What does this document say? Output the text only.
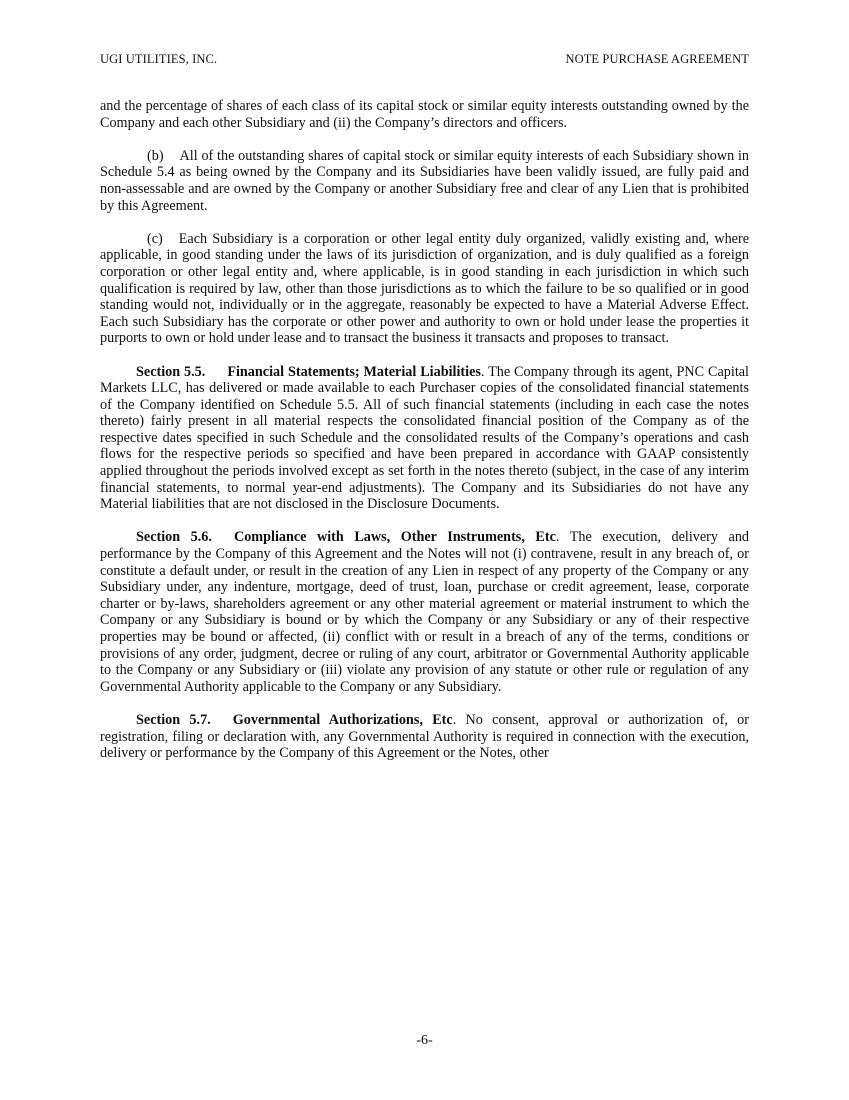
UGI UTILITIES, INC.	NOTE PURCHASE AGREEMENT

and the percentage of shares of each class of its capital stock or similar equity interests outstanding owned by the Company and each other Subsidiary and (ii) the Company’s directors and officers.

(b) All of the outstanding shares of capital stock or similar equity interests of each Subsidiary shown in Schedule 5.4 as being owned by the Company and its Subsidiaries have been validly issued, are fully paid and non-assessable and are owned by the Company or another Subsidiary free and clear of any Lien that is prohibited by this Agreement.

(c) Each Subsidiary is a corporation or other legal entity duly organized, validly existing and, where applicable, in good standing under the laws of its jurisdiction of organization, and is duly qualified as a foreign corporation or other legal entity and, where applicable, is in good standing in each jurisdiction in which such qualification is required by law, other than those jurisdictions as to which the failure to be so qualified or in good standing would not, individually or in the aggregate, reasonably be expected to have a Material Adverse Effect. Each such Subsidiary has the corporate or other power and authority to own or hold under lease the properties it purports to own or hold under lease and to transact the business it transacts and proposes to transact.

Section 5.5. Financial Statements; Material Liabilities. The Company through its agent, PNC Capital Markets LLC, has delivered or made available to each Purchaser copies of the consolidated financial statements of the Company identified on Schedule 5.5. All of such financial statements (including in each case the notes thereto) fairly present in all material respects the consolidated financial position of the Company as of the respective dates specified in such Schedule and the consolidated results of the Company’s operations and cash flows for the respective periods so specified and have been prepared in accordance with GAAP consistently applied throughout the periods involved except as set forth in the notes thereto (subject, in the case of any interim financial statements, to normal year-end adjustments). The Company and its Subsidiaries do not have any Material liabilities that are not disclosed in the Disclosure Documents.

Section 5.6. Compliance with Laws, Other Instruments, Etc. The execution, delivery and performance by the Company of this Agreement and the Notes will not (i) contravene, result in any breach of, or constitute a default under, or result in the creation of any Lien in respect of any property of the Company or any Subsidiary under, any indenture, mortgage, deed of trust, loan, purchase or credit agreement, lease, corporate charter or by-laws, shareholders agreement or any other material agreement or material instrument to which the Company or any Subsidiary is bound or by which the Company or any Subsidiary or any of their respective properties may be bound or affected, (ii) conflict with or result in a breach of any of the terms, conditions or provisions of any order, judgment, decree or ruling of any court, arbitrator or Governmental Authority applicable to the Company or any Subsidiary or (iii) violate any provision of any statute or other rule or regulation of any Governmental Authority applicable to the Company or any Subsidiary.

Section 5.7. Governmental Authorizations, Etc. No consent, approval or authorization of, or registration, filing or declaration with, any Governmental Authority is required in connection with the execution, delivery or performance by the Company of this Agreement or the Notes, other

-6-
